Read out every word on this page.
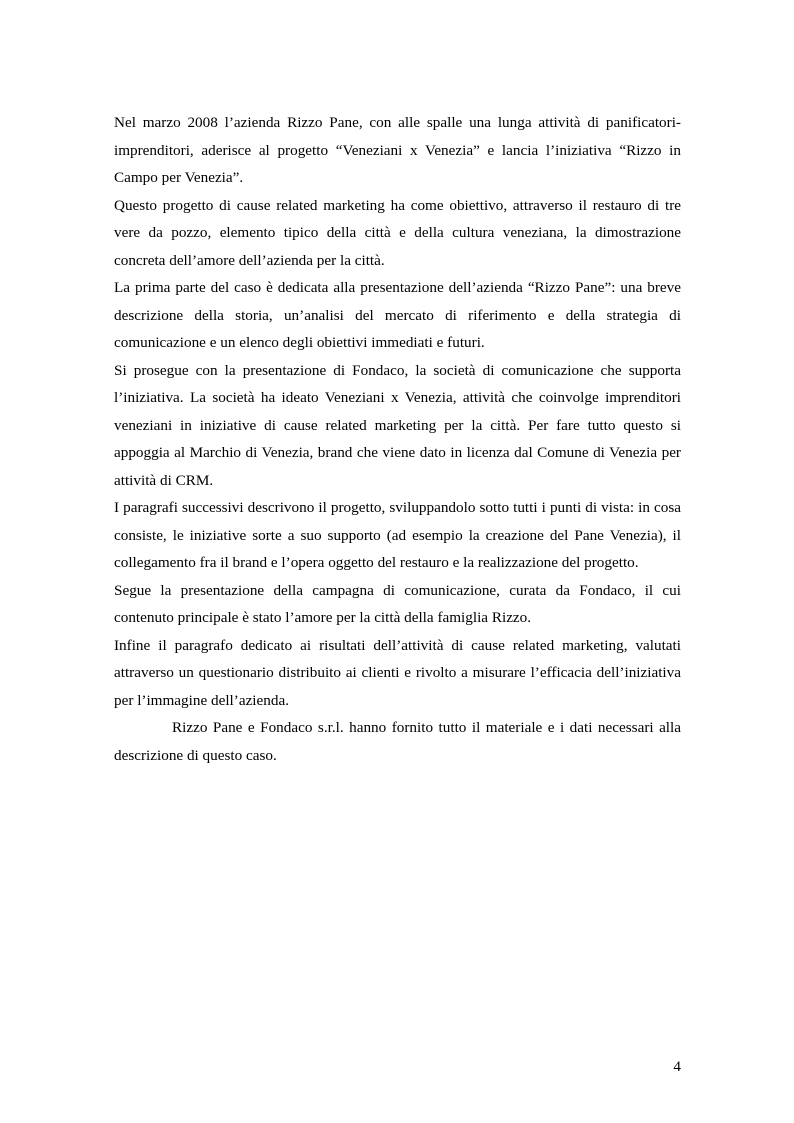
Nel marzo 2008 l’azienda Rizzo Pane, con alle spalle una lunga attività di panificatori-imprenditori, aderisce al progetto “Veneziani x Venezia” e lancia l’iniziativa “Rizzo in Campo per Venezia”.

Questo progetto di cause related marketing ha come obiettivo, attraverso il restauro di tre vere da pozzo, elemento tipico della città e della cultura veneziana, la dimostrazione concreta dell’amore dell’azienda per la città.

La prima parte del caso è dedicata alla presentazione dell’azienda “Rizzo Pane”: una breve descrizione della storia, un’analisi del mercato di riferimento e della strategia di comunicazione e un elenco degli obiettivi immediati e futuri.

Si prosegue con la presentazione di Fondaco, la società di comunicazione che supporta l’iniziativa. La società ha ideato Veneziani x Venezia, attività che coinvolge imprenditori veneziani in iniziative di cause related marketing per la città. Per fare tutto questo si appoggia al Marchio di Venezia, brand che viene dato in licenza dal Comune di Venezia per attività di CRM.

I paragrafi successivi descrivono il progetto, sviluppandolo sotto tutti i punti di vista: in cosa consiste, le iniziative sorte a suo supporto (ad esempio la creazione del Pane Venezia), il collegamento fra il brand e l’opera oggetto del restauro e la realizzazione del progetto.

Segue la presentazione della campagna di comunicazione, curata da Fondaco, il cui contenuto principale è stato l’amore per la città della famiglia Rizzo.

Infine il paragrafo dedicato ai risultati dell’attività di cause related marketing, valutati attraverso un questionario distribuito ai clienti e rivolto a misurare l’efficacia dell’iniziativa per l’immagine dell’azienda.

Rizzo Pane e Fondaco s.r.l. hanno fornito tutto il materiale e i dati necessari alla descrizione di questo caso.

4
